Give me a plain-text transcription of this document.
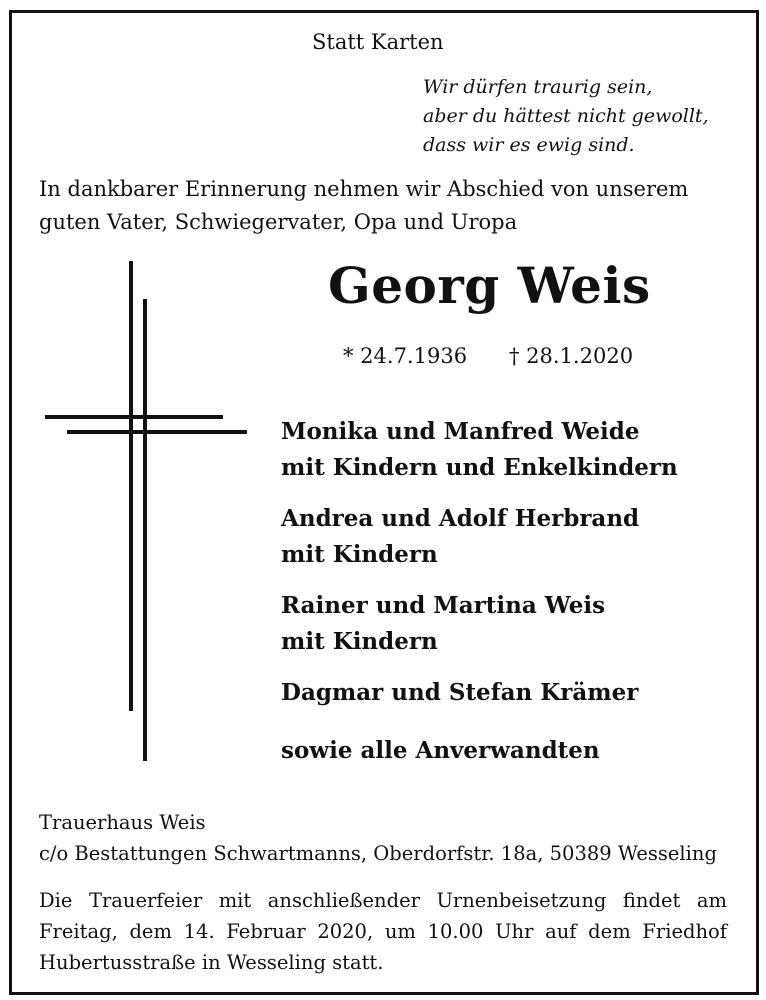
Statt Karten
Wir dürfen traurig sein,
aber du hättest nicht gewollt,
dass wir es ewig sind.
In dankbarer Erinnerung nehmen wir Abschied von unserem
guten Vater, Schwiegervater, Opa und Uropa
Georg Weis
* 24.7.1936 † 28.1.2020
Monika und Manfred Weide
mit Kindern und Enkelkindern
Andrea und Adolf Herbrand
mit Kindern
Rainer und Martina Weis
mit Kindern
Dagmar und Stefan Krämer
sowie alle Anverwandten
Trauerhaus Weis
c/o Bestattungen Schwartmanns, Oberdorfstr. 18a, 50389 Wesseling
Die Trauerfeier mit anschließender Urnenbeisetzung findet am Freitag, dem 14. Februar 2020, um 10.00 Uhr auf dem Friedhof Hubertusstraße in Wesseling statt.
